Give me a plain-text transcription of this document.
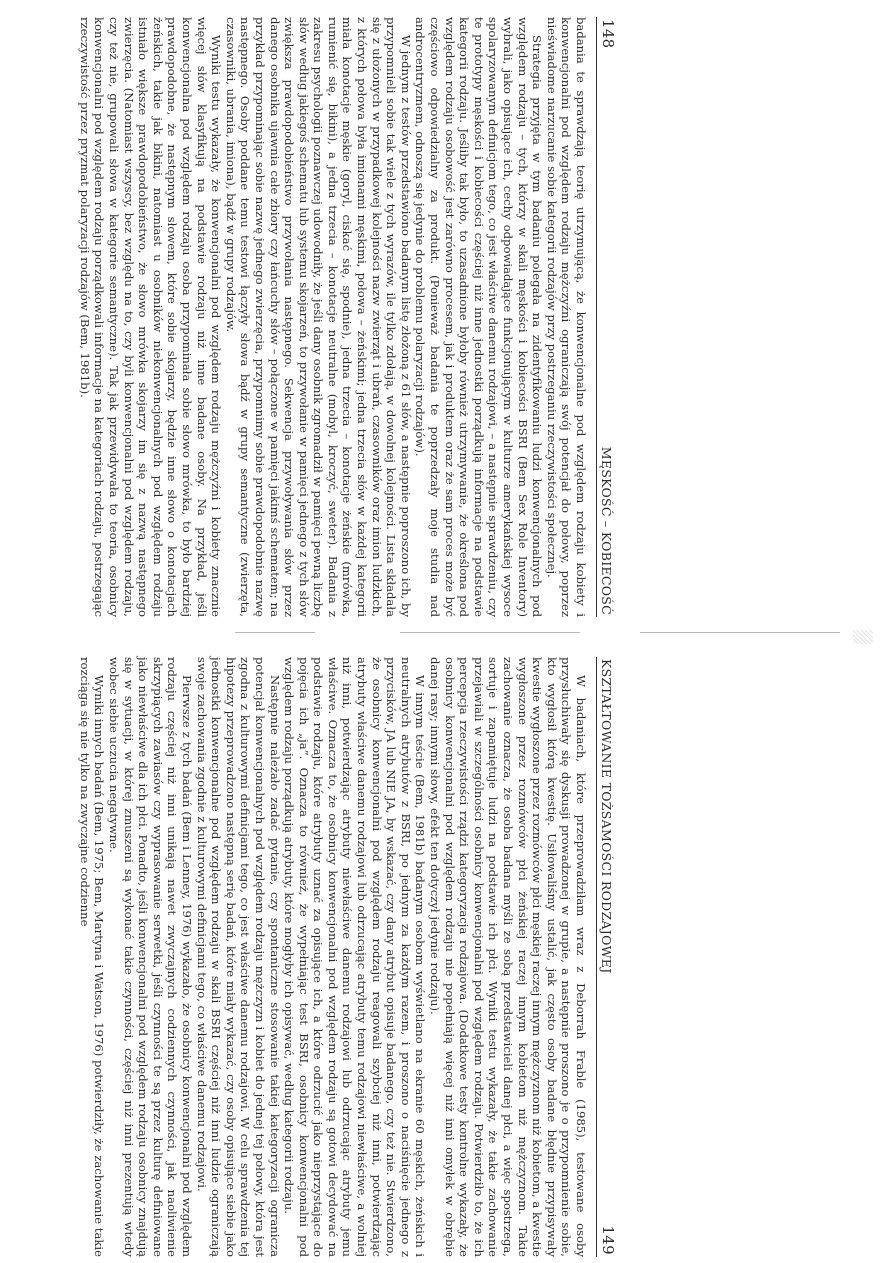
148
MĘSKOŚĆ – KOBIECOŚĆ

badania te sprawdzają teorię utrzymującą, że konwencjonalne pod względem rodzaju kobiety i konwencjonalni pod względem rodzaju mężczyźni ograniczają swój potencjał do połowy, poprzez nieświadome narzucanie sobie kategorii rodzajów przy postrzeganiu rzeczywistości społecznej.

Strategia przyjęta w tym badaniu polegała na zidentyfikowaniu ludzi konwencjonalnych pod względem rodzaju – tych, którzy w skali męskości i kobiecości BSRI (Bem Sex Role Inventory) wybrali, jako opisujące ich, cechy odpowiadające funkcjonującym w kulturze amerykańskiej wysoce spolaryzowanym definicjom tego, co jest właściwe danemu rodzajowi, – a następnie sprawdzeniu, czy te prototypy męskości i kobiecości częściej niż inne jednostki porządkują informacje na podstawie kategorii rodzaju. Jeśliby tak było, to uzasadnione byłoby również utrzymywanie, że określona pod względem rodzaju osobowość jest zarówno procesem, jak i produktem oraz że sam proces może być częściowo odpowiedzialny za produkt. (Ponieważ badania te poprzedzały moje studia nad androcentryzmem, odnoszą się jedynie do problemu polaryzacji rodzajów).

W jednym z testów przedstawiono badanym listę złożoną z 61 słów, a następnie poproszono ich, by przypomnieli sobie tak wiele z tych wyrazów, ile tylko zdołają, w dowolnej kolejności. Lista składała się z ułożonych w przypadkowej kolejności nazw zwierząt i ubrań, czasowników oraz imion ludzkich, z których połowa była imionami męskimi, połowa – żeńskimi; jedna trzecia słów w każdej kategorii miała konotacje męskie (goryl, ciskać się, spodnie), jedna trzecia – konotacje żeńskie (mrówka, rumienić się, bikini), a jedna trzecia – konotacje neutralne (mobyl, kroczyć, sweter). Badania z zakresu psychologii poznawczej udowodniły, że jeśli dany osobnik zgromadził w pamięci pewną liczbę słów według jakiegoś schematu lub systemu skojarzeń, to przywołanie w pamięci jednego z tych słów zwiększa prawdopodobieństwo przywołania następnego. Sekwencja przywoływania słów przez danego osobnika ujawnia całe zbiory czy łańcuchy słów – połączone w pamięci jakimś schematem; na przykład przypominając sobie nazwę jednego zwierzęcia, przypomnimy sobie prawdopodobnie nazwę następnego. Osoby poddane temu testowi łączyły słowa bądź w grupy semantyczne (zwierzęta, czasowniki, ubrania, imiona), bądź w grupy rodzajów.

Wyniki testu wykazały, że konwencjonalni pod względem rodzaju mężczyźni i kobiety znacznie więcej słów klasyfikują na podstawie rodzaju niż inne badane osoby. Na przykład, jeśli konwencjonalna pod względem rodzaju osoba przypominała sobie słowo mrówka, to było bardziej prawdopodobne, że następnym słowem, które sobie skojarzy, będzie inne słowo o konotacjach żeńskich, takie jak bikini, natomiast u osobników niekonwencjonalnych pod względem rodzaju istniało większe prawdopodobieństwo, że słowo mrówka skojarzy im się z nazwą następnego zwierzęcia. (Natomiast wszyscy, bez względu na to, czy byli konwencjonalni pod względem rodzaju, czy też nie, grupowali słowa w kategorie semantyczne). Tak jak przewidywała to teoria, osobnicy konwencjonalni pod względem rodzaju porządkowali informacje na kategoriach rodzaju, postrzegając rzeczywistość przez pryzmat polaryzacji rodzajów (Bem, 1981b).

KSZTAŁTOWANIE TOŻSAMOŚCI RODZAJOWEJ
149

W badaniach, które przeprowadziłam wraz z Deborrah Frable (1985), testowane osoby przysłuchiwały się dyskusji prowadzonej w grupie, a następnie proszono je o przypomnienie sobie, kto wygłosił którą kwestię. Usiłowaliśmy ustalić, jak często osoby badane błędnie przypisywały kwestie wygłoszone przez rozmówców płci męskiej raczej innym mężczyznom niż kobietom, a kwestie wygłoszone przez rozmówców płci żeńskiej raczej innym kobietom niż mężczyznom. Takie zachowanie oznacza, że osoba badana myśli ze sobą przedstawicieli danej płci, a więc spostrzega, sortuje i zapamiętuje ludzi na podstawie ich płci. Wyniki testu wykazały, że takie zachowanie przejawiali w szczególności osobnicy konwencjonalni pod względem rodzaju. Potwierdziło to, że ich percepcja rzeczywistości rządzi kategoryzacja rodzajowa. (Dodatkowe testy kontrolne wykazały, że osobnicy konwencjonalni pod względem rodzaju nie popełniają więcej niż inni omyłek w obrębie danej rasy; innymi słowy, efekt ten dotyczył jedynie rodzaju).

W innym teście (Bem, 1981b) badanym osobom wyświetlano na ekranie 60 męskich, żeńskich i neutralnych atrybutów z BSRI, po jednym za każdym razem, i proszono o naciśnięcie jednego z przycisków, JA lub NIE JA, by wskazać, czy dany atrybut opisuje badanego, czy też nie. Stwierdzono, że osobnicy konwencjonalni pod względem rodzaju reagowali szybciej niż inni, potwierdzając atrybuty właściwe danemu rodzajowi lub odrzucając atrybuty temu rodzajowi niewłaściwe, a wolniej niż inni, potwierdzając atrybuty niewłaściwe danemu rodzajowi lub odrzucając atrybuty jemu właściwe. Oznacza to, że osobnicy konwencjonalni pod względem rodzaju są gotowi decydować na podstawie rodzaju, które atrybuty uznać za opisujące ich, a które odrzucić jako nieprzystające do pojęcia ich „ja”. Oznacza to również, że wypełniając test BSRI, osobnicy konwencjonalni pod względem rodzaju porządkują atrybuty, które mogłyby ich opisywać, według kategorii rodzaju.

Następnie należało zadać pytanie, czy spontaniczne stosowanie takiej kategoryzacji ogranicza potencjał konwencjonalnych pod względem rodzaju mężczyzn i kobiet do jednej tej połowy, która jest zgodna z kulturowymi definicjami tego, co jest właściwe danemu rodzajowi. W celu sprawdzenia tej hipotezy przeprowadzono następną serię badań, które miały wykazać, czy osoby opisujące siebie jako jednostki konwencjonalne pod względem rodzaju w skali BSRI częściej niż inni ludzie ograniczają swoje zachowania zgodnie z kulturowymi definicjami tego, co właściwe danemu rodzajowi.

Pierwsze z tych badań (Bem i Lenney, 1976) wykazało, że osobnicy konwencjonalni pod względem rodzaju częściej niż inni unikają nawet zwyczajnych codziennych czynności, jak naoliwienie skrzypiących zawiasów czy wyprasowanie serwetki, jeśli czynności te są przez kulturę definiowane jako niewłaściwe dla ich płci. Ponadto, jeśli konwencjonalni pod względem rodzaju osobnicy znajdują się w sytuacji, w której zmuszeni są wykonać takie czynności, częściej niż inni prezentują wtedy wobec siebie uczucia negatywne.

Wyniki innych badań (Bem, 1975; Bem, Martyna i Watson, 1976) potwierdziły, że zachowanie takie rozciąga się nie tylko na zwyczajne codzienne
